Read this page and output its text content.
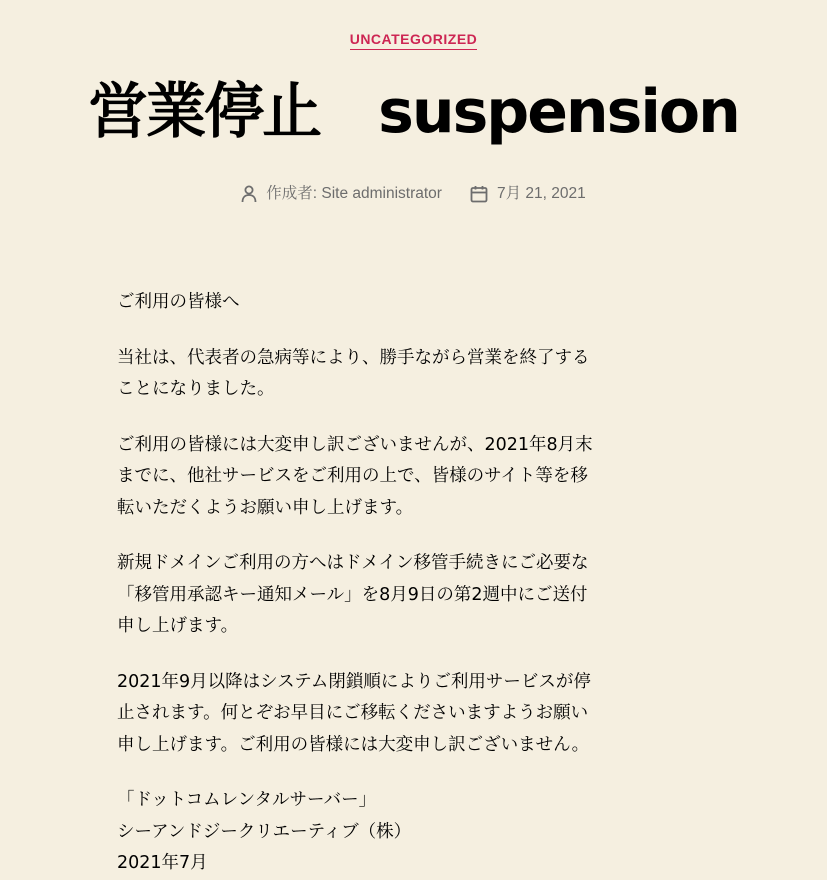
UNCATEGORIZED
営業停止　suspension
作成者: Site administrator	7月 21, 2021

ご利用の皆様へ

当社は、代表者の急病等により、勝手ながら営業を終了する
ことになりました。

ご利用の皆様には大変申し訳ございませんが、2021年8月末
までに、他社サービスをご利用の上で、皆様のサイト等を移
転いただくようお願い申し上げます。

新規ドメインご利用の方へはドメイン移管手続きにご必要な
「移管用承認キー通知メール」を8月9日の第2週中にご送付
申し上げます。

2021年9月以降はシステム閉鎖順によりご利用サービスが停
止されます。何とぞお早目にご移転くださいますようお願い
申し上げます。ご利用の皆様には大変申し訳ございません。

「ドットコムレンタルサーバー」
シーアンドジークリエーティブ（株）
2021年7月
